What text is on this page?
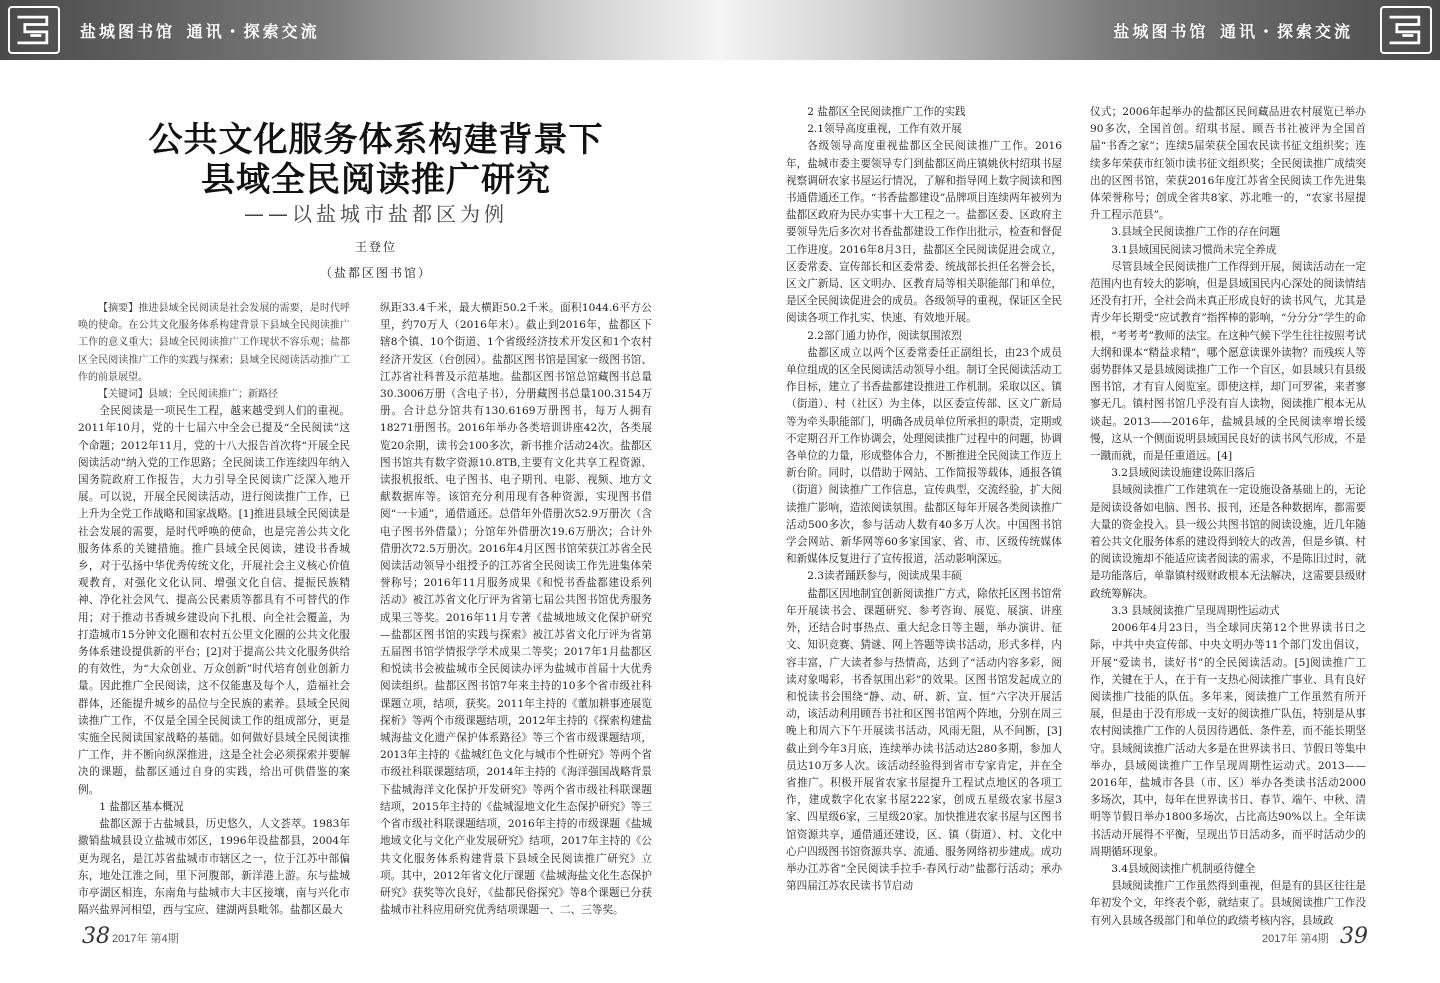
盐城图书馆 通讯・探索交流	盐城图书馆 通讯・探索交流
公共文化服务体系构建背景下
县域全民阅读推广研究
——以盐城市盐都区为例
王登位
（盐都区图书馆）

【摘要】推进县域全民阅读是社会发展的需要，是时代呼唤的使命。在公共文化服务体系构建背景下县域全民阅读推广工作的意义重大；县域全民阅读推广工作现状不容乐观；盐都区全民阅读推广工作的实践与探索；县域全民阅读活动推广工作的前景展望。

【关键词】县域；全民阅读推广；新路径

全民阅读是一项民生工程，越来越受到人们的重视。2011年10月，党的十七届六中全会已提及“全民阅读”这个命题；2012年11月，党的十八大报告首次将“开展全民阅读活动”纳入党的工作思路；全民阅读工作连续四年纳入国务院政府工作报告，大力引导全民阅读广泛深入地开展。可以说，开展全民阅读活动，进行阅读推广工作，已上升为全党工作战略和国家战略。[1]推进县域全民阅读是社会发展的需要，是时代呼唤的使命，也是完善公共文化服务体系的关键措施。推广县域全民阅读，建设书香城乡，对于弘扬中华优秀传统文化，开展社会主义核心价值观教育，对强化文化认同、增强文化自信、提振民族精神、净化社会风气、提高公民素质等都具有不可替代的作用；对于推动书香城乡建设向下扎根、向全社会覆盖，为打造城市15分钟文化圈和农村五公里文化圈的公共文化服务体系建设提供新的平台；[2]对于提高公共文化服务供给的有效性，为“大众创业、万众创新”时代培育创业创新力量。因此推广全民阅读，这不仅能惠及每个人，造福社会群体，还能提升城乡的品位与全民族的素养。县域全民阅读推广工作，不仅是全国全民阅读工作的组成部分，更是实施全民阅读国家战略的基础。如何做好县域全民阅读推广工作，并不断向纵深推进，这是全社会必须探索并要解决的课题，盐都区通过自身的实践，给出可供借鉴的案例。

1 盐都区基本概况

盐都区源于古盐城县，历史悠久，人文荟萃。1983年撤销盐城县设立盐城市郊区，1996年设盐都县，2004年更为现名，是江苏省盐城市市辖区之一，位于江苏中部偏东，地处江淮之间，里下河腹部，新洋港上游。东与盐城市亭湖区相连，东南角与盐城市大丰区接壤，南与兴化市隔兴盐界河相望，西与宝应、建湖两县毗邻。盐都区最大

纵距33.4千米，最大横距50.2千米。面积1044.6平方公里，约70万人（2016年末）。截止到2016年，盐都区下辖8个镇、10个街道、1个省级经济技术开发区和1个农村经济开发区（台创园）。盐都区图书馆是国家一级图书馆、江苏省社科普及示范基地。盐都区图书馆总馆藏图书总量30.3006万册（含电子书），分册藏图书总量100.3154万册。合计总分馆共有130.6169万册图书，每万人拥有18271册图书。2016年举办各类培训讲座42次，各类展览20余期，读书会100多次，新书推介活动24次。盐都区图书馆共有数字资源10.8TB,主要有文化共享工程资源、读报机报纸、电子图书、电子期刊、电影、视频、地方文献数据库等。该馆充分利用现有各种资源，实现图书借阅“一卡通”，通借通还。总借年外借册次52.9万册次（含电子图书外借量）；分馆年外借册次19.6万册次；合计外借册次72.5万册次。2016年4月区图书馆荣获江苏省全民阅读活动领导小组授予的江苏省全民阅读工作先进集体荣誉称号；2016年11月服务成果《和悦书香盐都建设系列活动》被江苏省文化厅评为省第七届公共图书馆优秀服务成果三等奖。2016年11月专著《盐城地域文化保护研究—盐都区图书馆的实践与探索》被江苏省文化厅评为省第五届图书馆学情报学学术成果二等奖；2017年1月盐都区和悦读书会被盐城市全民阅读办评为盐城市首届十大优秀阅读组织。盐都区图书馆7年来主持的10多个省市级社科课题立项，结项，获奖。2011年主持的《董加耕事迹展览探析》等两个市级课题结项，2012年主持的《探索构建盐城海盐文化遗产保护体系路径》等三个省市级课题结项，2013年主持的《盐城红色文化与城市个性研究》等两个省市级社科联课题结项，2014年主持的《海洋强国战略背景下盐城海洋文化保护开发研究》等两个省市级社科联课题结项，2015年主持的《盐城湿地文化生态保护研究》等三个省市级社科联课题结项，2016年主持的市级课题《盐城地域文化与文化产业发展研究》结项，2017年主持的《公共文化服务体系构建背景下县域全民阅读推广研究》立项。其中，2012年省文化厅课题《盐城海盐文化生态保护研究》获奖等次良好，《盐都民俗探究》等8个课题已分获盐城市社科应用研究优秀结项课题一、二、三等奖。

2 盐都区全民阅读推广工作的实践

2.1领导高度重视，工作有效开展

各级领导高度重视盐都区全民阅读推广工作。2016年，盐城市委主要领导专门到盐都区尚庄镇姚伙村绍琪书屋视察调研农家书屋运行情况，了解和指导网上数字阅读和图书通借通还工作。“书香盐都建设”品牌项目连续两年被列为盐都区政府为民办实事十大工程之一。盐都区委、区政府主要领导先后多次对书香盐都建设工作作出批示，检查和督促工作进度。2016年8月3日，盐都区全民阅读促进会成立，区委常委、宣传部长和区委常委、统战部长担任名誉会长，区文广新局、区文明办、区教育局等相关职能部门和单位，是区全民阅读促进会的成员。各级领导的重视，保证区全民阅读各项工作扎实、快速、有效地开展。

2.2部门通力协作，阅读氛围浓烈

盐都区成立以两个区委常委任正副组长，由23个成员单位组成的区全民阅读活动领导小组。制订全民阅读活动工作目标，建立了书香盐都建设推进工作机制。采取以区、镇（街道）、村（社区）为主体，以区委宣传部、区文广新局等为牵头职能部门，明确各成员单位所承担的职责，定期或不定期召开工作协调会，处理阅读推广过程中的问题，协调各单位的力量，形成整体合力，不断推进全民阅读工作迈上新台阶。同时，以借助于网站、工作简报等载体，通报各镇（街道）阅读推广工作信息，宣传典型，交流经验，扩大阅读推广影响，造浓阅读氛围。盐都区每年开展各类阅读推广活动500多次，参与活动人数有40多万人次。中国图书馆学会网站、新华网等60多家国家、省、市、区级传统媒体和新媒体反复进行了宣传报道，活动影响深远。

2.3读者踊跃参与，阅读成果丰硕

盐都区因地制宜创新阅读推广方式，除依托区图书馆常年开展读书会、课题研究、参考咨询、展览、展演、讲座外，还结合时事热点、重大纪念日等主题，举办演讲、征文、知识竞赛、猜谜、网上答题等读书活动，形式多样，内容丰富，广大读者参与热情高，达到了“活动内容多彩，阅读对象喝彩，书香氛围出彩”的效果。区图书馆发起成立的和悦读书会围绕“静、动、研、新、宣、恒”六字决开展活动，该活动利用顾吾书社和区图书馆两个阵地，分别在周三晚上和周六下午开展读书活动，风雨无阻，从不间断，[3]截止到今年3月底，连续举办读书活动达280多期，参加人员达10万多人次。该活动经验得到省市专家肯定，并在全省推广。积极开展省农家书屋提升工程试点地区的各项工作，建成数字化农家书屋222家，创成五星级农家书屋3家、四星级6家，三星级20家。加快推进农家书屋与区图书馆资源共享，通借通还建设，区、镇（街道）、村、文化中心户四级图书馆资源共享、流通、服务网络初步建成。成功举办江苏省“全民阅读手拉手·春风行动”盐都行活动；承办第四届江苏农民读书节启动

仪式；2006年起举办的盐都区民间藏品进农村展览已举办90多次，全国首创。绍琪书屋、顾吾书社被评为全国首届“书香之家”；连续5届荣获全国农民读书征文组织奖；连续多年荣获市红领巾读书征文组织奖；全民阅读推广成绩突出的区图书馆，荣获2016年度江苏省全民阅读工作先进集体荣誉称号；创成全省共8家、苏北唯一的，“农家书屋提升工程示范县”。

3.县域全民阅读推广工作的存在问题

3.1县域国民阅读习惯尚未完全养成

尽管县域全民阅读推广工作得到开展，阅读活动在一定范围内也有较大的影响，但是县域国民内心深处的阅读情结还没有打开，全社会尚未真正形成良好的读书风气，尤其是青少年长期受“应试教育”指挥棒的影响，“分分分”学生的命根，“考考考”教师的法宝。在这种气候下学生往往按照考试大纲和课本“精益求精”，哪个愿意读课外读物？而残疾人等弱势群体又是县域阅读推广工作一个盲区，如县域只有县级图书馆，才有盲人阅览室。即使这样，却门可罗雀，来者寥寥无几。镇村图书馆几乎没有盲人读物，阅读推广根本无从谈起。2013——2016年，盐城县域的全民阅读率增长缓慢，这从一个侧面说明县域国民良好的读书风气形成，不是一蹴而就，而是任重道远。[4]

3.2县域阅读设施建设陈旧落后

县域阅读推广工作建筑在一定设施设备基础上的，无论是阅读设备如电脑、图书、报刊，还是各种数据库，都需要大量的资金投入。县一级公共图书馆的阅读设施，近几年随着公共文化服务体系的建设得到较大的改善，但是乡镇、村的阅读设施却不能适应读者阅读的需求，不是陈旧过时，就是功能落后，单靠镇村级财政根本无法解决，这需要县级财政统筹解决。

3.3 县域阅读推广呈现周期性运动式

2006年4月23日，当全球同庆第12个世界读书日之际，中共中央宣传部、中央文明办等11个部门发出倡议，开展“爱读书，读好书”的全民阅读活动。[5]阅读推广工作，关键在于人，在于有一支热心阅读推广事业、具有良好阅读推广技能的队伍。多年来，阅读推广工作虽然有所开展，但是由于没有形成一支好的阅读推广队伍，特别是从事农村阅读推广工作的人员因待遇低、条件差，而不能长期坚守。县域阅读推广活动大多是在世界读书日、节假日等集中举办，县域阅读推广工作呈现周期性运动式。2013——2016年，盐城市各县（市、区）举办各类读书活动2000多场次，其中，每年在世界读书日、春节、端午、中秋、清明等节假日举办1800多场次，占比高达90%以上。全年读书活动开展得不平衡，呈现出节日活动多，而平时活动少的周期循环现象。

3.4县域阅读推广机制亟待健全

县域阅读推广工作虽然得到重视，但是有的县区往往是年初发个文，年终表个彰，就结束了。县域阅读推广工作没有列入县域各级部门和单位的政绩考核内容，县域政

38 2017年 第4期	2017年 第4期 39
